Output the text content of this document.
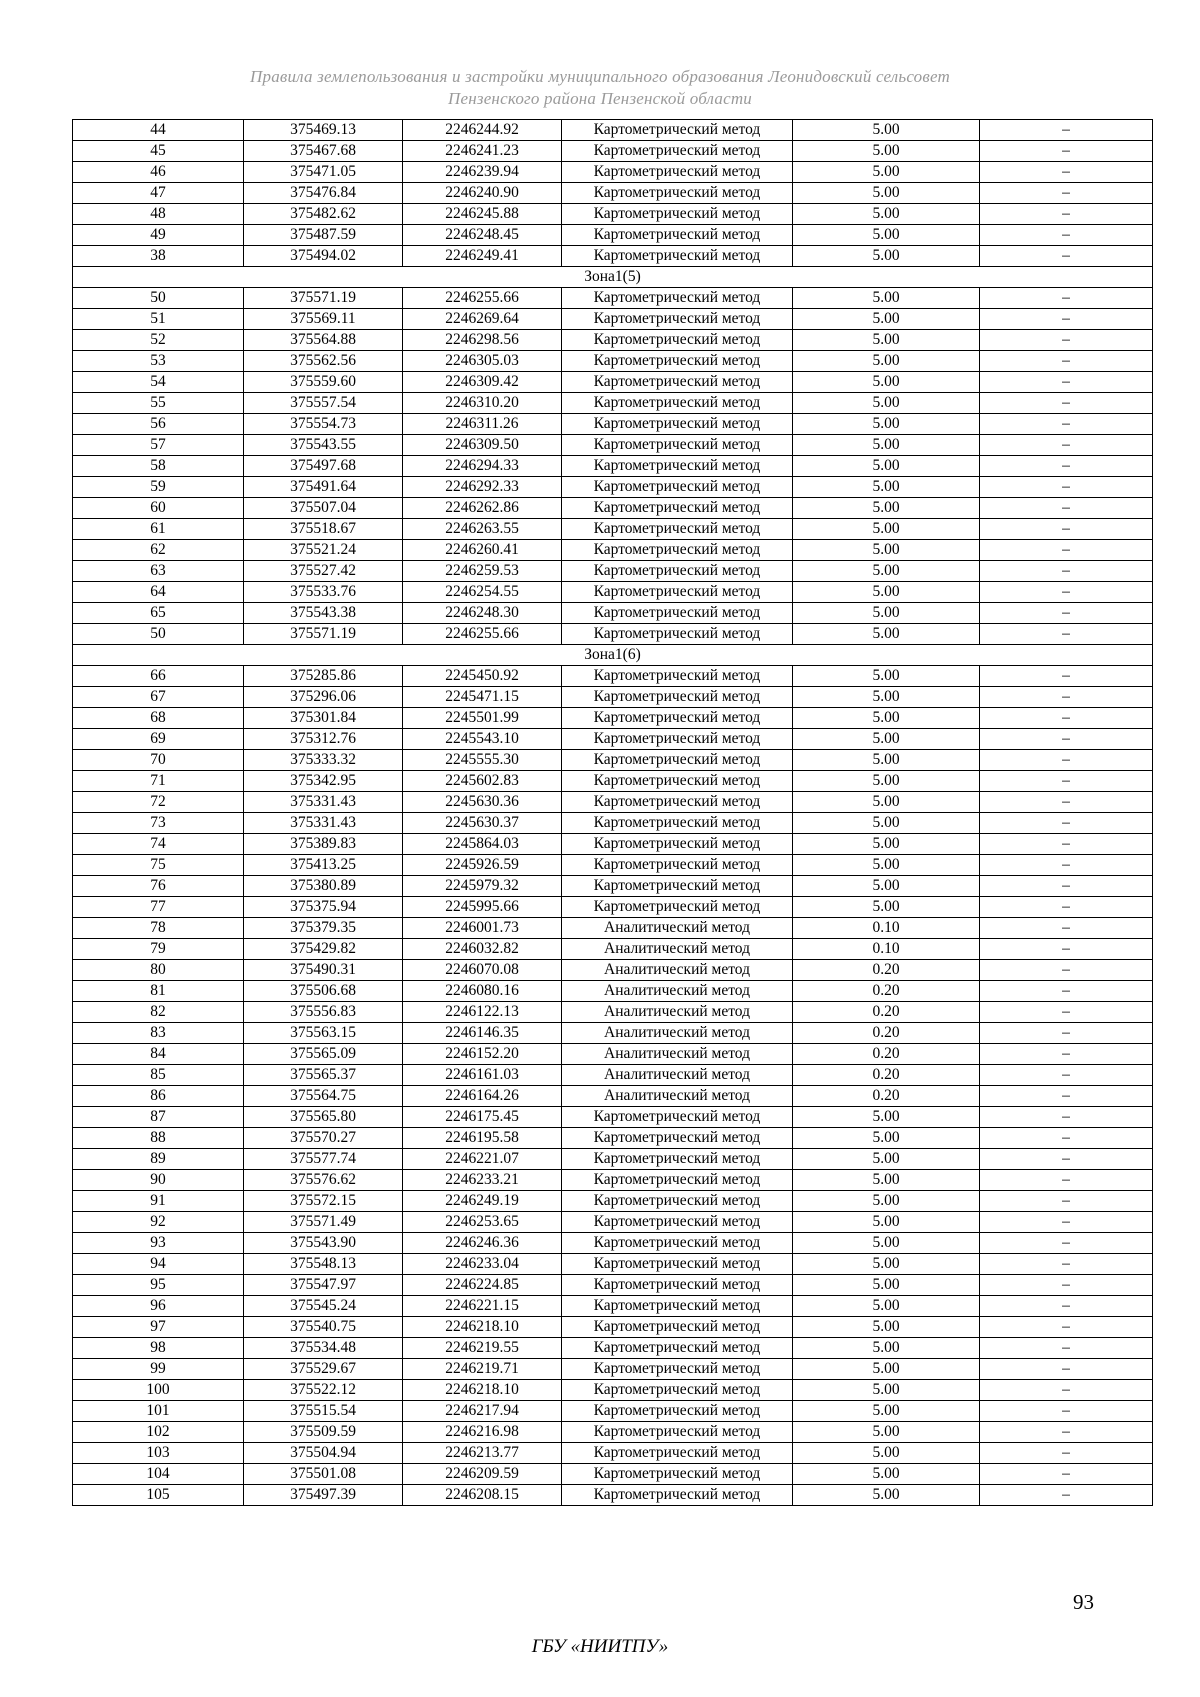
Правила землепользования и застройки муниципального образования Леонидовский сельсовет
Пензенского района Пензенской области
44	375469.13	2246244.92	Картометрический метод	5.00	–
45	375467.68	2246241.23	Картометрический метод	5.00	–
46	375471.05	2246239.94	Картометрический метод	5.00	–
47	375476.84	2246240.90	Картометрический метод	5.00	–
48	375482.62	2246245.88	Картометрический метод	5.00	–
49	375487.59	2246248.45	Картометрический метод	5.00	–
38	375494.02	2246249.41	Картометрический метод	5.00	–
Зона1(5)					
50	375571.19	2246255.66	Картометрический метод	5.00	–
51	375569.11	2246269.64	Картометрический метод	5.00	–
52	375564.88	2246298.56	Картометрический метод	5.00	–
53	375562.56	2246305.03	Картометрический метод	5.00	–
54	375559.60	2246309.42	Картометрический метод	5.00	–
55	375557.54	2246310.20	Картометрический метод	5.00	–
56	375554.73	2246311.26	Картометрический метод	5.00	–
57	375543.55	2246309.50	Картометрический метод	5.00	–
58	375497.68	2246294.33	Картометрический метод	5.00	–
59	375491.64	2246292.33	Картометрический метод	5.00	–
60	375507.04	2246262.86	Картометрический метод	5.00	–
61	375518.67	2246263.55	Картометрический метод	5.00	–
62	375521.24	2246260.41	Картометрический метод	5.00	–
63	375527.42	2246259.53	Картометрический метод	5.00	–
64	375533.76	2246254.55	Картометрический метод	5.00	–
65	375543.38	2246248.30	Картометрический метод	5.00	–
50	375571.19	2246255.66	Картометрический метод	5.00	–
Зона1(6)					
66	375285.86	2245450.92	Картометрический метод	5.00	–
67	375296.06	2245471.15	Картометрический метод	5.00	–
68	375301.84	2245501.99	Картометрический метод	5.00	–
69	375312.76	2245543.10	Картометрический метод	5.00	–
70	375333.32	2245555.30	Картометрический метод	5.00	–
71	375342.95	2245602.83	Картометрический метод	5.00	–
72	375331.43	2245630.36	Картометрический метод	5.00	–
73	375331.43	2245630.37	Картометрический метод	5.00	–
74	375389.83	2245864.03	Картометрический метод	5.00	–
75	375413.25	2245926.59	Картометрический метод	5.00	–
76	375380.89	2245979.32	Картометрический метод	5.00	–
77	375375.94	2245995.66	Картометрический метод	5.00	–
78	375379.35	2246001.73	Аналитический метод	0.10	–
79	375429.82	2246032.82	Аналитический метод	0.10	–
80	375490.31	2246070.08	Аналитический метод	0.20	–
81	375506.68	2246080.16	Аналитический метод	0.20	–
82	375556.83	2246122.13	Аналитический метод	0.20	–
83	375563.15	2246146.35	Аналитический метод	0.20	–
84	375565.09	2246152.20	Аналитический метод	0.20	–
85	375565.37	2246161.03	Аналитический метод	0.20	–
86	375564.75	2246164.26	Аналитический метод	0.20	–
87	375565.80	2246175.45	Картометрический метод	5.00	–
88	375570.27	2246195.58	Картометрический метод	5.00	–
89	375577.74	2246221.07	Картометрический метод	5.00	–
90	375576.62	2246233.21	Картометрический метод	5.00	–
91	375572.15	2246249.19	Картометрический метод	5.00	–
92	375571.49	2246253.65	Картометрический метод	5.00	–
93	375543.90	2246246.36	Картометрический метод	5.00	–
94	375548.13	2246233.04	Картометрический метод	5.00	–
95	375547.97	2246224.85	Картометрический метод	5.00	–
96	375545.24	2246221.15	Картометрический метод	5.00	–
97	375540.75	2246218.10	Картометрический метод	5.00	–
98	375534.48	2246219.55	Картометрический метод	5.00	–
99	375529.67	2246219.71	Картометрический метод	5.00	–
100	375522.12	2246218.10	Картометрический метод	5.00	–
101	375515.54	2246217.94	Картометрический метод	5.00	–
102	375509.59	2246216.98	Картометрический метод	5.00	–
103	375504.94	2246213.77	Картометрический метод	5.00	–
104	375501.08	2246209.59	Картометрический метод	5.00	–
105	375497.39	2246208.15	Картометрический метод	5.00	–
93
ГБУ «НИИТПУ»
